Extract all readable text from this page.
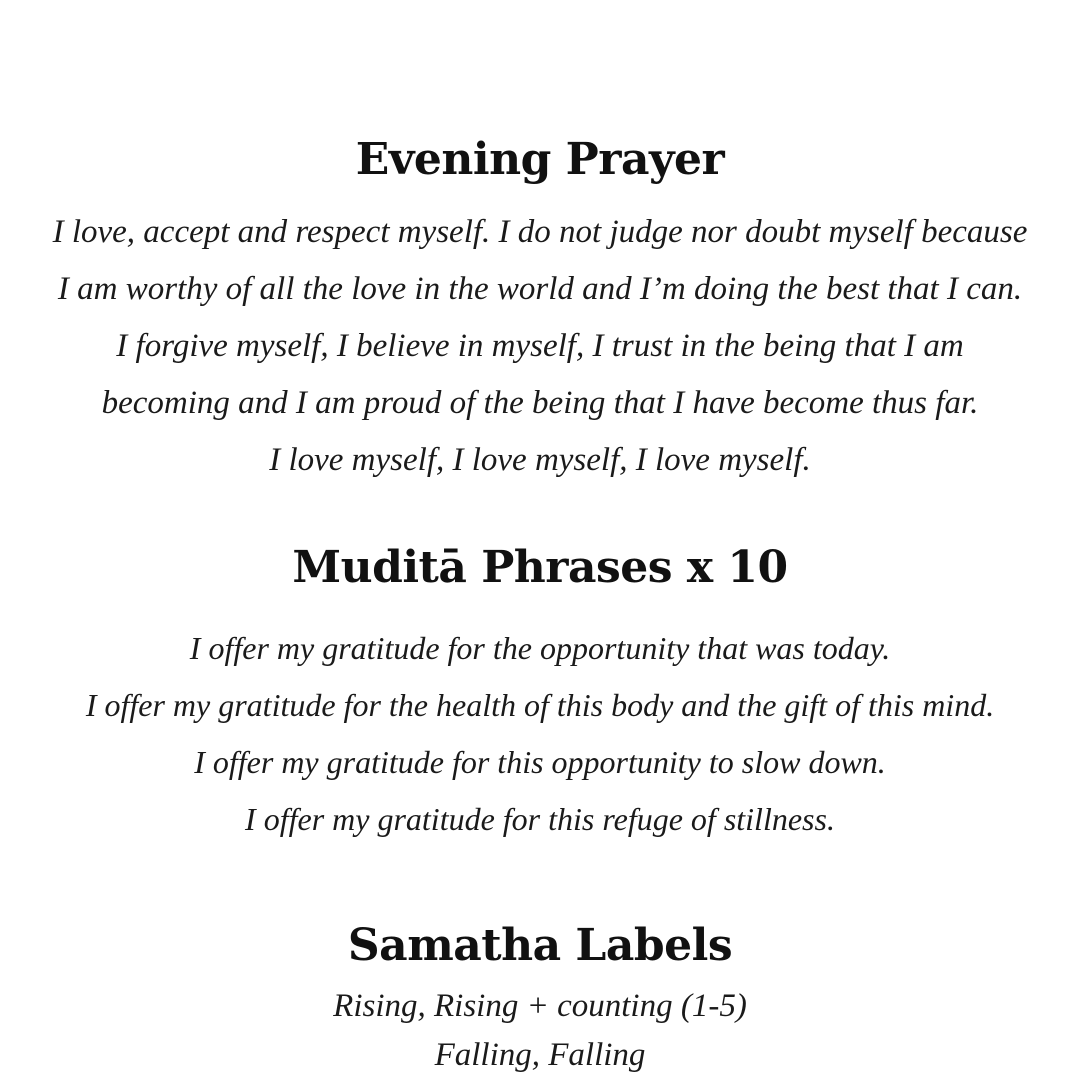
Evening Prayer
I love, accept and respect myself. I do not judge nor doubt myself because
I am worthy of all the love in the world and I’m doing the best that I can.
I forgive myself, I believe in myself, I trust in the being that I am
becoming and I am proud of the being that I have become thus far.
I love myself, I love myself, I love myself.
Muditā Phrases x 10
I offer my gratitude for the opportunity that was today.
I offer my gratitude for the health of this body and the gift of this mind.
I offer my gratitude for this opportunity to slow down.
I offer my gratitude for this refuge of stillness.
Samatha Labels
Rising, Rising + counting (1-5)
Falling, Falling
